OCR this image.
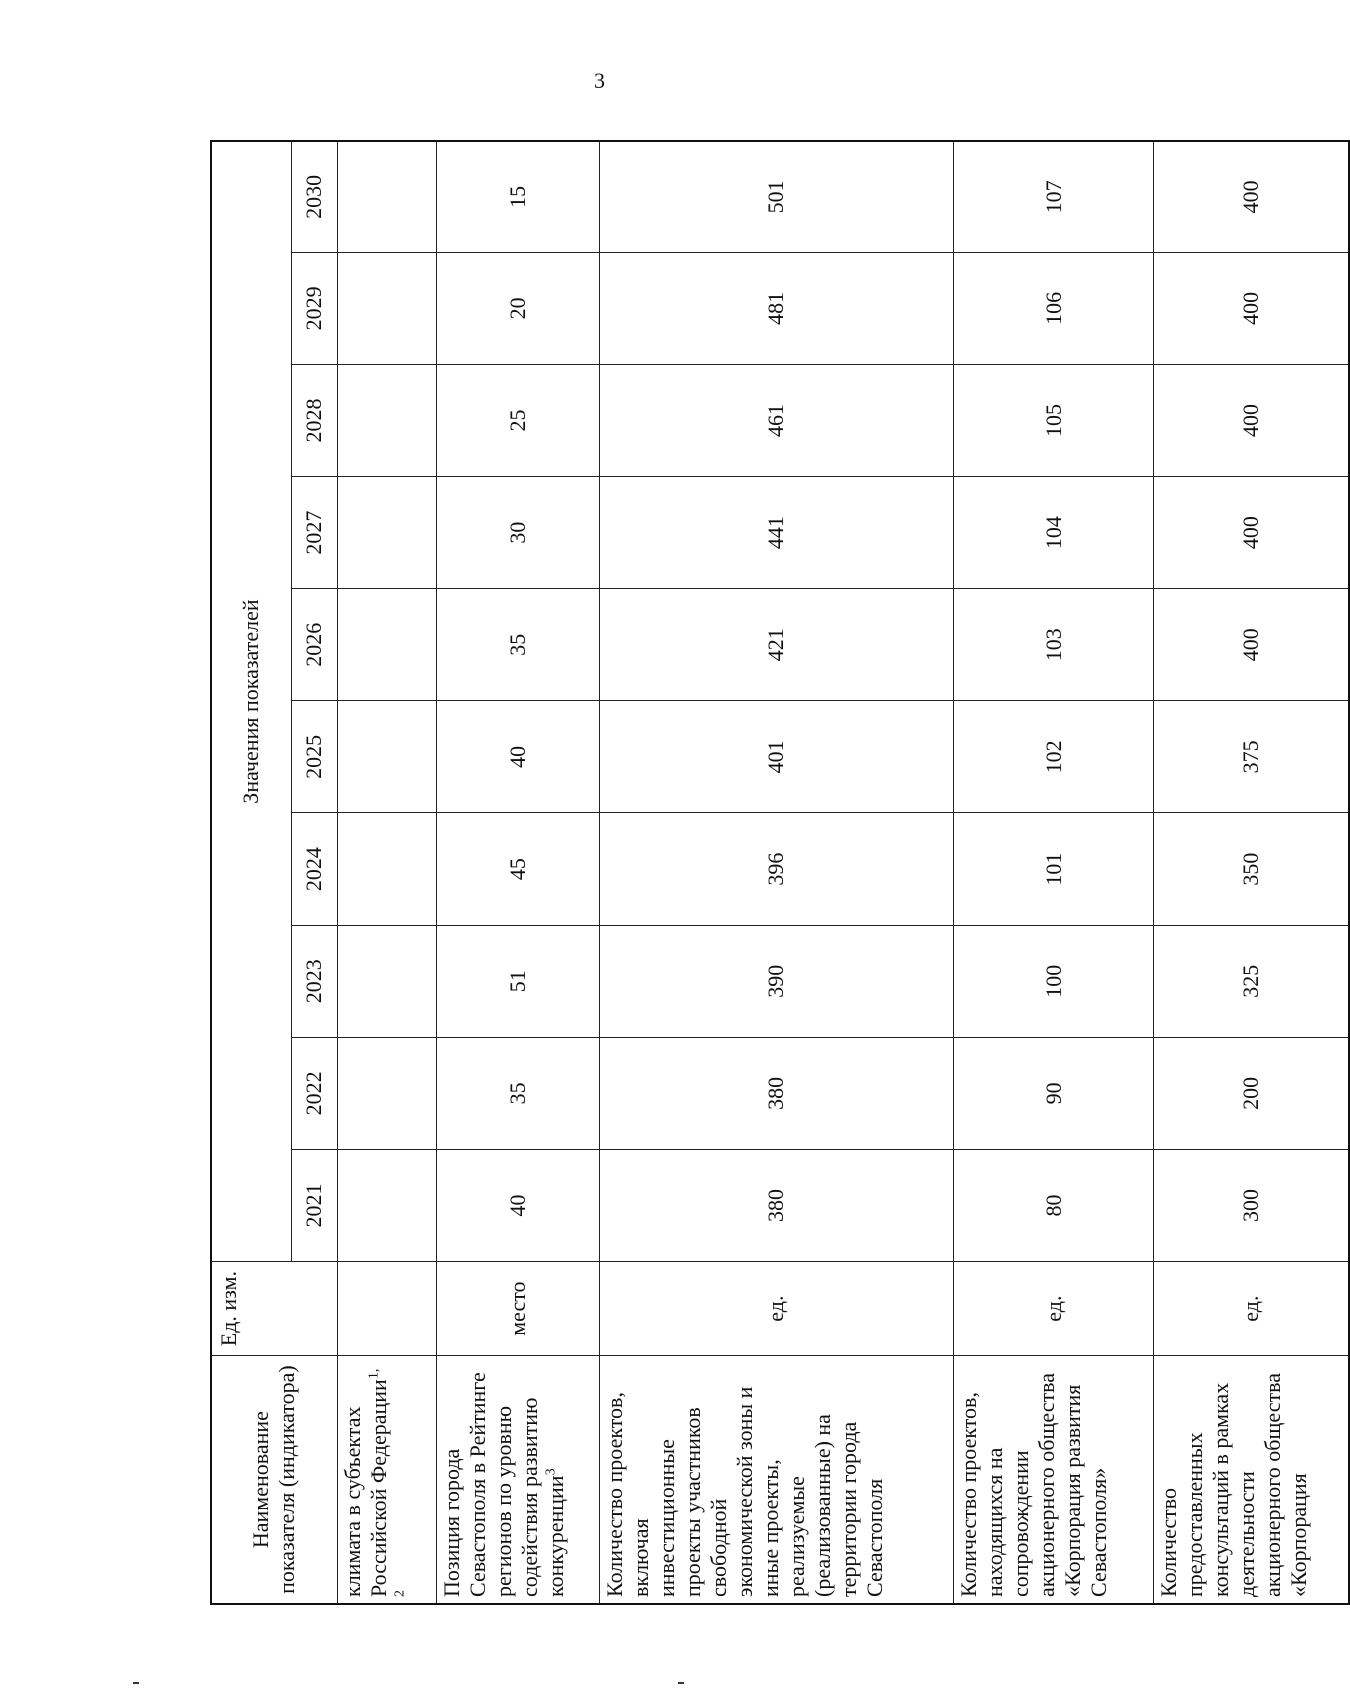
3
Наименование показателя (индикатора)	Ед. изм.	Значения показателей									
		2021	2022	2023	2024	2025	2026	2027	2028	2029	2030
климата в субъектах Российской Федерации$^{1, 2}$											
Позиция города Севастополя в Рейтинге регионов по уровню содействия развитию конкуренции$^3$	место	40	35	51	45	40	35	30	25	20	15
Количество проектов, включая инвестиционные проекты участников свободной экономической зоны и иные проекты, реализуемые (реализованные) на территории города Севастополя	ед.	380	380	390	396	401	421	441	461	481	501
Количество проектов, находящихся на сопровождении акционерного общества «Корпорация развития Севастополя»	ед.	80	90	100	101	102	103	104	105	106	107
Количество предоставленных консультаций в рамках деятельности акционерного общества «Корпорация	ед.	300	200	325	350	375	400	400	400	400	400
